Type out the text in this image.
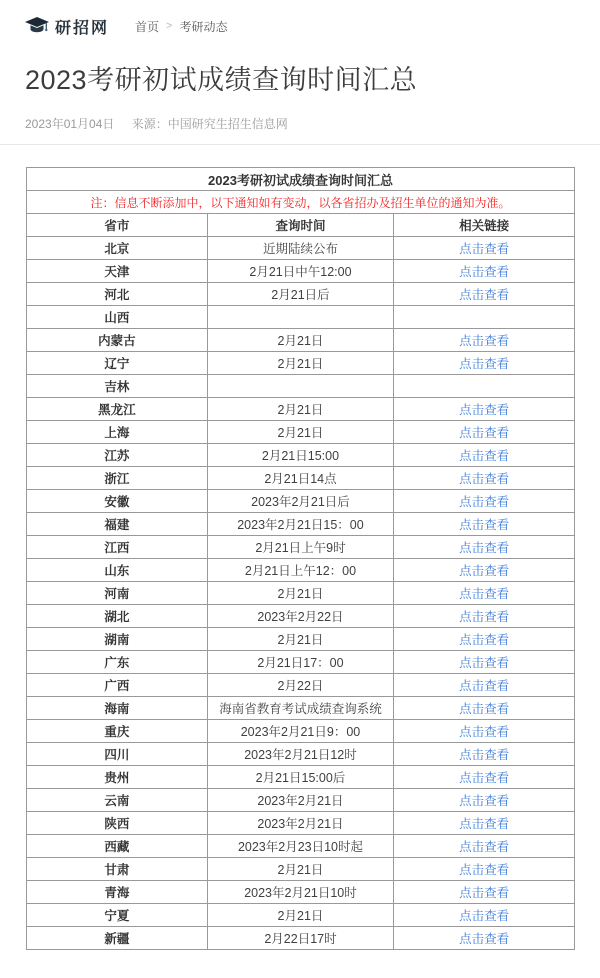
研招网 首页 > 考研动态
2023考研初试成绩查询时间汇总
2023年01月04日 来源：中国研究生招生信息网
2023考研初试成绩查询时间汇总		
注：信息不断添加中，以下通知如有变动，以各省招办及招生单位的通知为准。		
省市	查询时间	相关链接
北京	近期陆续公布	点击查看
天津	2月21日中午12:00	点击查看
河北	2月21日后	点击查看
山西		
内蒙古	2月21日	点击查看
辽宁	2月21日	点击查看
吉林		
黑龙江	2月21日	点击查看
上海	2月21日	点击查看
江苏	2月21日15:00	点击查看
浙江	2月21日14点	点击查看
安徽	2023年2月21日后	点击查看
福建	2023年2月21日15：00	点击查看
江西	2月21日上午9时	点击查看
山东	2月21日上午12：00	点击查看
河南	2月21日	点击查看
湖北	2023年2月22日	点击查看
湖南	2月21日	点击查看
广东	2月21日17：00	点击查看
广西	2月22日	点击查看
海南	海南省教育考试成绩查询系统	点击查看
重庆	2023年2月21日9：00	点击查看
四川	2023年2月21日12时	点击查看
贵州	2月21日15:00后	点击查看
云南	2023年2月21日	点击查看
陕西	2023年2月21日	点击查看
西藏	2023年2月23日10时起	点击查看
甘肃	2月21日	点击查看
青海	2023年2月21日10时	点击查看
宁夏	2月21日	点击查看
新疆	2月22日17时	点击查看
